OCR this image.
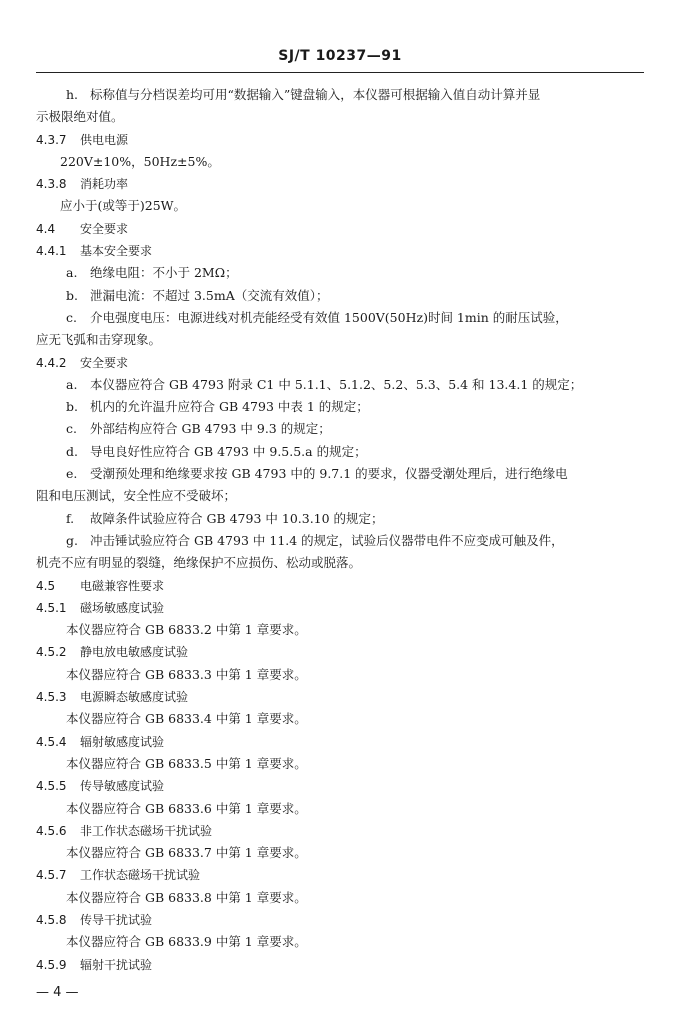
SJ/T 10237—91
h. 标称值与分档误差均可用“数据输入”键盘输入，本仪器可根据输入值自动计算并显
示极限绝对值。
4.3.7 供电电源
220V±10%，50Hz±5%。
4.3.8 消耗功率
应小于(或等于)25W。
4.4 安全要求
4.4.1 基本安全要求
a. 绝缘电阻：不小于 2MΩ；
b. 泄漏电流：不超过 3.5mA（交流有效值）；
c. 介电强度电压：电源进线对机壳能经受有效值 1500V(50Hz)时间 1min 的耐压试验，
应无飞弧和击穿现象。
4.4.2 安全要求
a. 本仪器应符合 GB 4793 附录 C1 中 5.1.1、5.1.2、5.2、5.3、5.4 和 13.4.1 的规定；
b. 机内的允许温升应符合 GB 4793 中表 1 的规定；
c. 外部结构应符合 GB 4793 中 9.3 的规定；
d. 导电良好性应符合 GB 4793 中 9.5.5.a 的规定；
e. 受潮预处理和绝缘要求按 GB 4793 中的 9.7.1 的要求，仪器受潮处理后，进行绝缘电
阻和电压测试，安全性应不受破坏；
f. 故障条件试验应符合 GB 4793 中 10.3.10 的规定；
g. 冲击锤试验应符合 GB 4793 中 11.4 的规定，试验后仪器带电件不应变成可触及件，
机壳不应有明显的裂缝，绝缘保护不应损伤、松动或脱落。
4.5 电磁兼容性要求
4.5.1 磁场敏感度试验
本仪器应符合 GB 6833.2 中第 1 章要求。
4.5.2 静电放电敏感度试验
本仪器应符合 GB 6833.3 中第 1 章要求。
4.5.3 电源瞬态敏感度试验
本仪器应符合 GB 6833.4 中第 1 章要求。
4.5.4 辐射敏感度试验
本仪器应符合 GB 6833.5 中第 1 章要求。
4.5.5 传导敏感度试验
本仪器应符合 GB 6833.6 中第 1 章要求。
4.5.6 非工作状态磁场干扰试验
本仪器应符合 GB 6833.7 中第 1 章要求。
4.5.7 工作状态磁场干扰试验
本仪器应符合 GB 6833.8 中第 1 章要求。
4.5.8 传导干扰试验
本仪器应符合 GB 6833.9 中第 1 章要求。
4.5.9 辐射干扰试验
— 4 —
